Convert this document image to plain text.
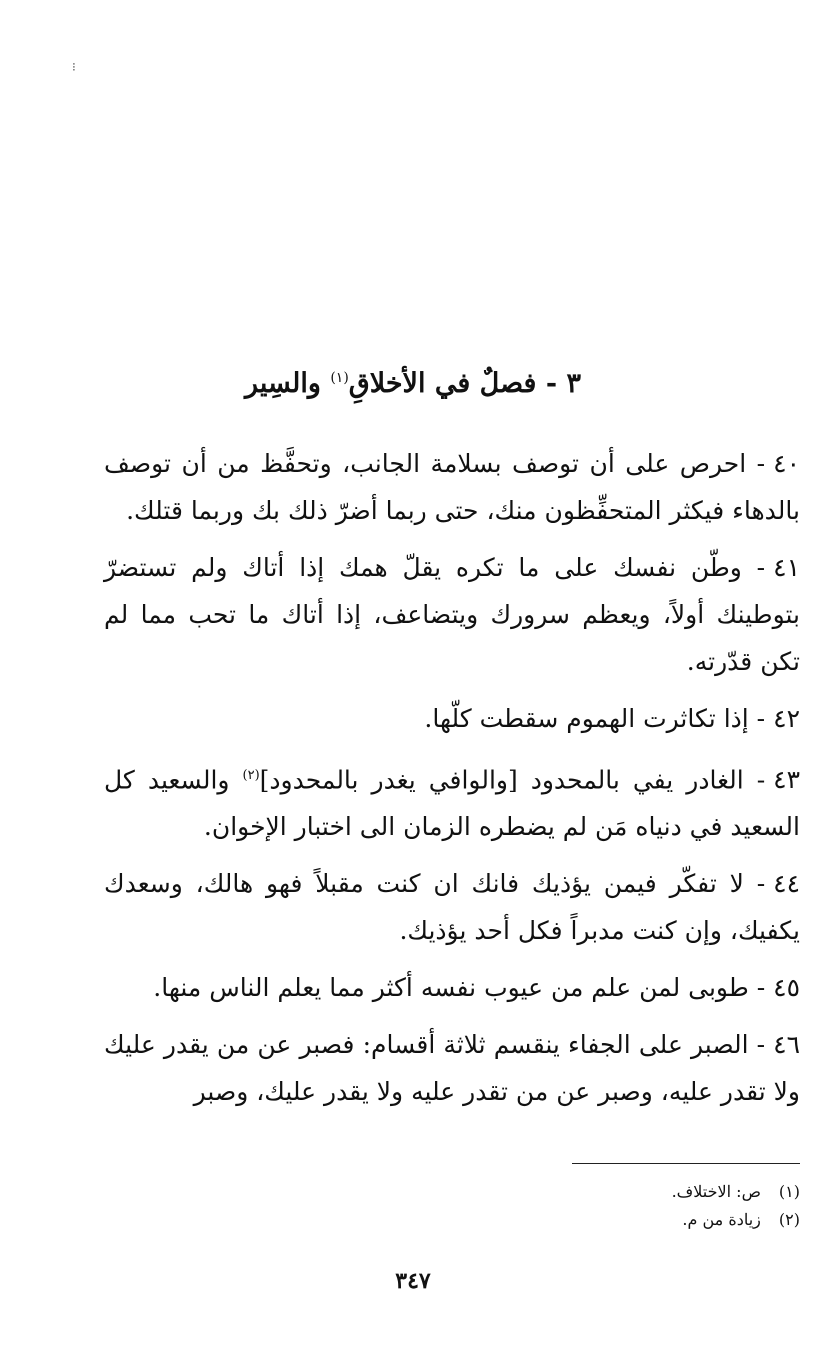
⁝
٣ - فصلٌ في الأخلاقِ$^{(١)}$ والسِير

٤٠- احرص على أن توصف بسلامة الجانب، وتحفَّظ من أن توصف بالدهاء فيكثر المتحفِّظون منك، حتى ربما أضرّ ذلك بك وربما قتلك.

٤١- وطّن نفسك على ما تكره يقلّ همك إذا أتاك ولم تستضرّ بتوطينك أولاً، ويعظم سرورك ويتضاعف، إذا أتاك ما تحب مما لم تكن قدّرته.

٤٢- إذا تكاثرت الهموم سقطت كلّها.

٤٣- الغادر يفي بالمحدود [والوافي يغدر بالمحدود]$^{(٢)}$ والسعيد كل السعيد في دنياه مَن لم يضطره الزمان الى اختبار الإخوان.

٤٤- لا تفكّر فيمن يؤذيك فانك ان كنت مقبلاً فهو هالك، وسعدك يكفيك، وإن كنت مدبراً فكل أحد يؤذيك.

٤٥- طوبى لمن علم من عيوب نفسه أكثر مما يعلم الناس منها.

٤٦- الصبر على الجفاء ينقسم ثلاثة أقسام: فصبر عن من يقدر عليك ولا تقدر عليه، وصبر عن من تقدر عليه ولا يقدر عليك، وصبر

(١)ص: الاختلاف.
(٢)زيادة من م.
٣٤٧
